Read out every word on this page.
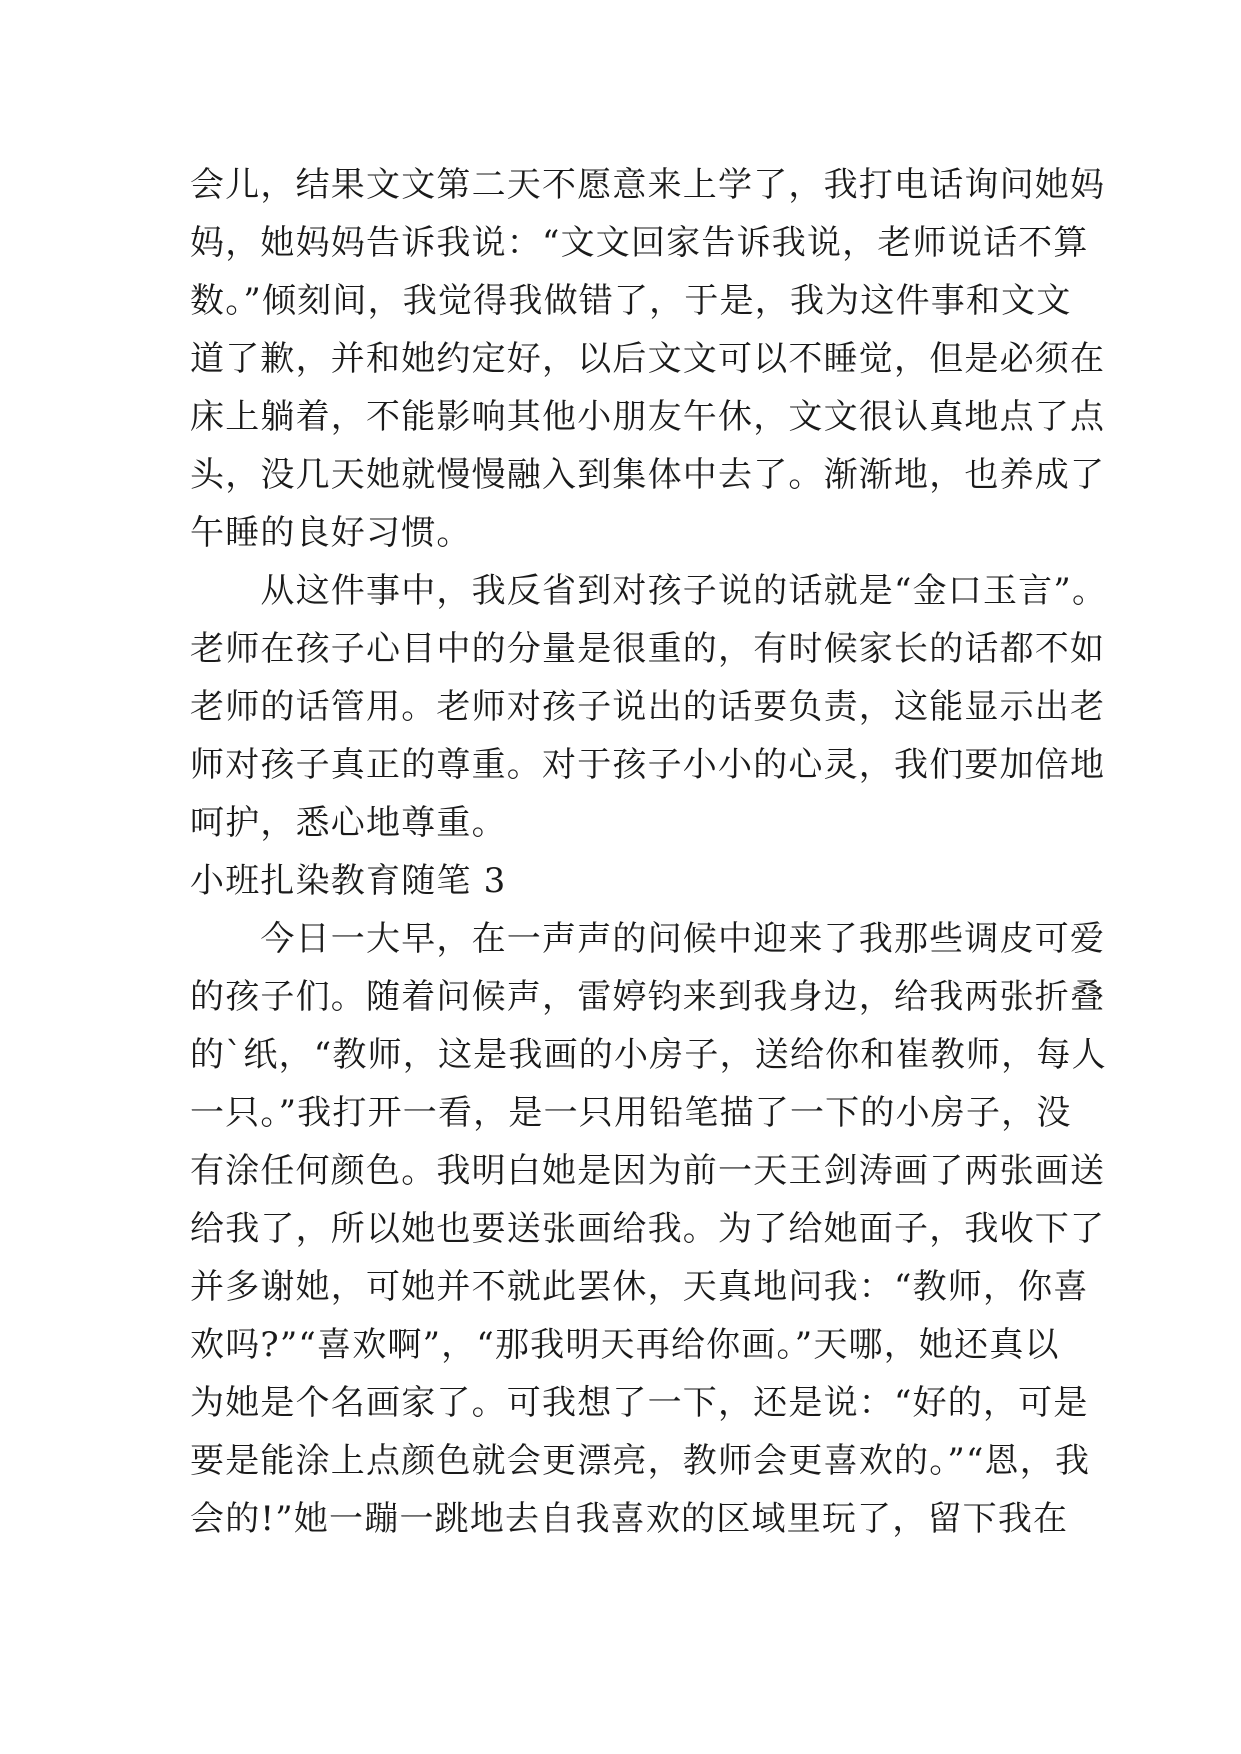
会儿，结果文文第二天不愿意来上学了，我打电话询问她妈
妈，她妈妈告诉我说：“文文回家告诉我说，老师说话不算
数。”倾刻间，我觉得我做错了，于是，我为这件事和文文
道了歉，并和她约定好，以后文文可以不睡觉，但是必须在
床上躺着，不能影响其他小朋友午休，文文很认真地点了点
头，没几天她就慢慢融入到集体中去了。渐渐地，也养成了
午睡的良好习惯。
　　从这件事中，我反省到对孩子说的话就是“金口玉言”。
老师在孩子心目中的分量是很重的，有时候家长的话都不如
老师的话管用。老师对孩子说出的话要负责，这能显示出老
师对孩子真正的尊重。对于孩子小小的心灵，我们要加倍地
呵护，悉心地尊重。
小班扎染教育随笔 3
　　今日一大早，在一声声的问候中迎来了我那些调皮可爱
的孩子们。随着问候声，雷婷钧来到我身边，给我两张折叠
的`纸，“教师，这是我画的小房子，送给你和崔教师，每人
一只。”我打开一看，是一只用铅笔描了一下的小房子，没
有涂任何颜色。我明白她是因为前一天王剑涛画了两张画送
给我了，所以她也要送张画给我。为了给她面子，我收下了
并多谢她，可她并不就此罢休，天真地问我：“教师，你喜
欢吗?”“喜欢啊”，“那我明天再给你画。”天哪，她还真以
为她是个名画家了。可我想了一下，还是说：“好的，可是
要是能涂上点颜色就会更漂亮，教师会更喜欢的。”“恩，我
会的!”她一蹦一跳地去自我喜欢的区域里玩了，留下我在
